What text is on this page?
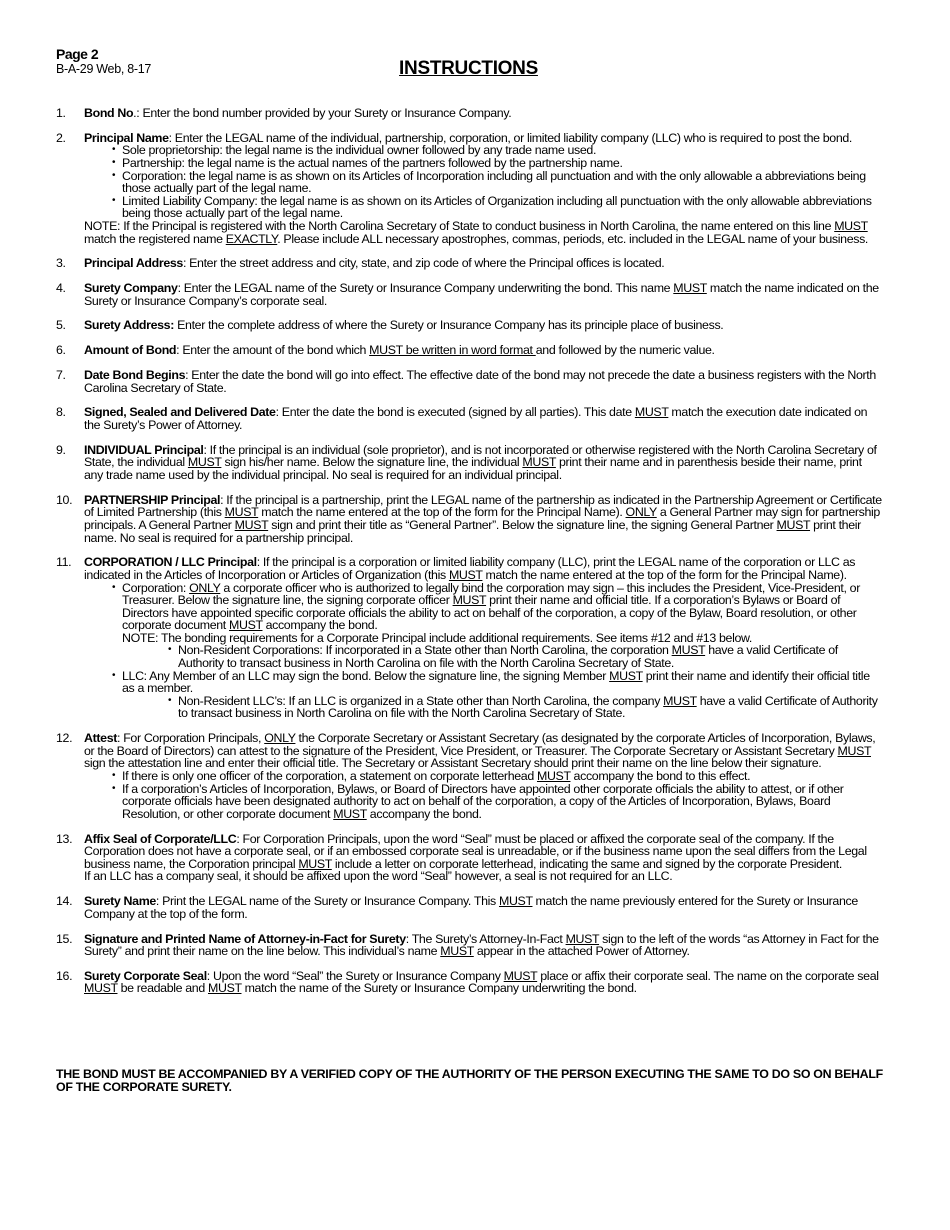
Page 2
B-A-29 Web, 8-17	INSTRUCTIONS
1. Bond No.: Enter the bond number provided by your Surety or Insurance Company.
2. Principal Name: Enter the LEGAL name of the individual, partnership, corporation, or limited liability company (LLC) who is required to post the bond.
• Sole proprietorship: the legal name is the individual owner followed by any trade name used.
• Partnership: the legal name is the actual names of the partners followed by the partnership name.
• Corporation: the legal name is as shown on its Articles of Incorporation including all punctuation and with the only allowable a abbreviations being those actually part of the legal name.
• Limited Liability Company: the legal name is as shown on its Articles of Organization including all punctuation with the only allowable abbreviations being those actually part of the legal name.
NOTE: If the Principal is registered with the North Carolina Secretary of State to conduct business in North Carolina, the name entered on this line MUST match the registered name EXACTLY. Please include ALL necessary apostrophes, commas, periods, etc. included in the LEGAL name of your business.
3. Principal Address: Enter the street address and city, state, and zip code of where the Principal offices is located.
4. Surety Company: Enter the LEGAL name of the Surety or Insurance Company underwriting the bond. This name MUST match the name indicated on the Surety or Insurance Company’s corporate seal.
5. Surety Address: Enter the complete address of where the Surety or Insurance Company has its principle place of business.
6. Amount of Bond: Enter the amount of the bond which MUST be written in word format and followed by the numeric value.
7. Date Bond Begins: Enter the date the bond will go into effect. The effective date of the bond may not precede the date a business registers with the North Carolina Secretary of State.
8. Signed, Sealed and Delivered Date: Enter the date the bond is executed (signed by all parties). This date MUST match the execution date indicated on the Surety’s Power of Attorney.
9. INDIVIDUAL Principal: If the principal is an individual (sole proprietor), and is not incorporated or otherwise registered with the North Carolina Secretary of State, the individual MUST sign his/her name. Below the signature line, the individual MUST print their name and in parenthesis beside their name, print any trade name used by the individual principal. No seal is required for an individual principal.
10. PARTNERSHIP Principal: If the principal is a partnership, print the LEGAL name of the partnership as indicated in the Partnership Agreement or Certificate of Limited Partnership (this MUST match the name entered at the top of the form for the Principal Name). ONLY a General Partner may sign for partnership principals. A General Partner MUST sign and print their title as “General Partner”. Below the signature line, the signing General Partner MUST print their name. No seal is required for a partnership principal.
11. CORPORATION / LLC Principal: If the principal is a corporation or limited liability company (LLC), print the LEGAL name of the corporation or LLC as indicated in the Articles of Incorporation or Articles of Organization (this MUST match the name entered at the top of the form for the Principal Name).
• Corporation: ONLY a corporate officer who is authorized to legally bind the corporation may sign – this includes the President, Vice-President, or Treasurer. Below the signature line, the signing corporate officer MUST print their name and official title. If a corporation’s Bylaws or Board of Directors have appointed specific corporate officials the ability to act on behalf of the corporation, a copy of the Bylaw, Board resolution, or other corporate document MUST accompany the bond.
NOTE: The bonding requirements for a Corporate Principal include additional requirements. See items #12 and #13 below.
• Non-Resident Corporations: If incorporated in a State other than North Carolina, the corporation MUST have a valid Certificate of Authority to transact business in North Carolina on file with the North Carolina Secretary of State.
• LLC: Any Member of an LLC may sign the bond. Below the signature line, the signing Member MUST print their name and identify their official title as a member.
• Non-Resident LLC’s: If an LLC is organized in a State other than North Carolina, the company MUST have a valid Certificate of Authority to transact business in North Carolina on file with the North Carolina Secretary of State.
12. Attest: For Corporation Principals, ONLY the Corporate Secretary or Assistant Secretary (as designated by the corporate Articles of Incorporation, Bylaws, or the Board of Directors) can attest to the signature of the President, Vice President, or Treasurer. The Corporate Secretary or Assistant Secretary MUST sign the attestation line and enter their official title. The Secretary or Assistant Secretary should print their name on the line below their signature.
• If there is only one officer of the corporation, a statement on corporate letterhead MUST accompany the bond to this effect.
• If a corporation’s Articles of Incorporation, Bylaws, or Board of Directors have appointed other corporate officials the ability to attest, or if other corporate officials have been designated authority to act on behalf of the corporation, a copy of the Articles of Incorporation, Bylaws, Board Resolution, or other corporate document MUST accompany the bond.
13. Affix Seal of Corporate/LLC: For Corporation Principals, upon the word “Seal” must be placed or affixed the corporate seal of the company. If the Corporation does not have a corporate seal, or if an embossed corporate seal is unreadable, or if the business name upon the seal differs from the Legal business name, the Corporation principal MUST include a letter on corporate letterhead, indicating the same and signed by the corporate President.
If an LLC has a company seal, it should be affixed upon the word “Seal” however, a seal is not required for an LLC.
14. Surety Name: Print the LEGAL name of the Surety or Insurance Company. This MUST match the name previously entered for the Surety or Insurance Company at the top of the form.
15. Signature and Printed Name of Attorney-in-Fact for Surety: The Surety’s Attorney-In-Fact MUST sign to the left of the words “as Attorney in Fact for the Surety” and print their name on the line below. This individual’s name MUST appear in the attached Power of Attorney.
16. Surety Corporate Seal: Upon the word “Seal” the Surety or Insurance Company MUST place or affix their corporate seal. The name on the corporate seal MUST be readable and MUST match the name of the Surety or Insurance Company underwriting the bond.
THE BOND MUST BE ACCOMPANIED BY A VERIFIED COPY OF THE AUTHORITY OF THE PERSON EXECUTING THE SAME TO DO SO ON BEHALF OF THE CORPORATE SURETY.
